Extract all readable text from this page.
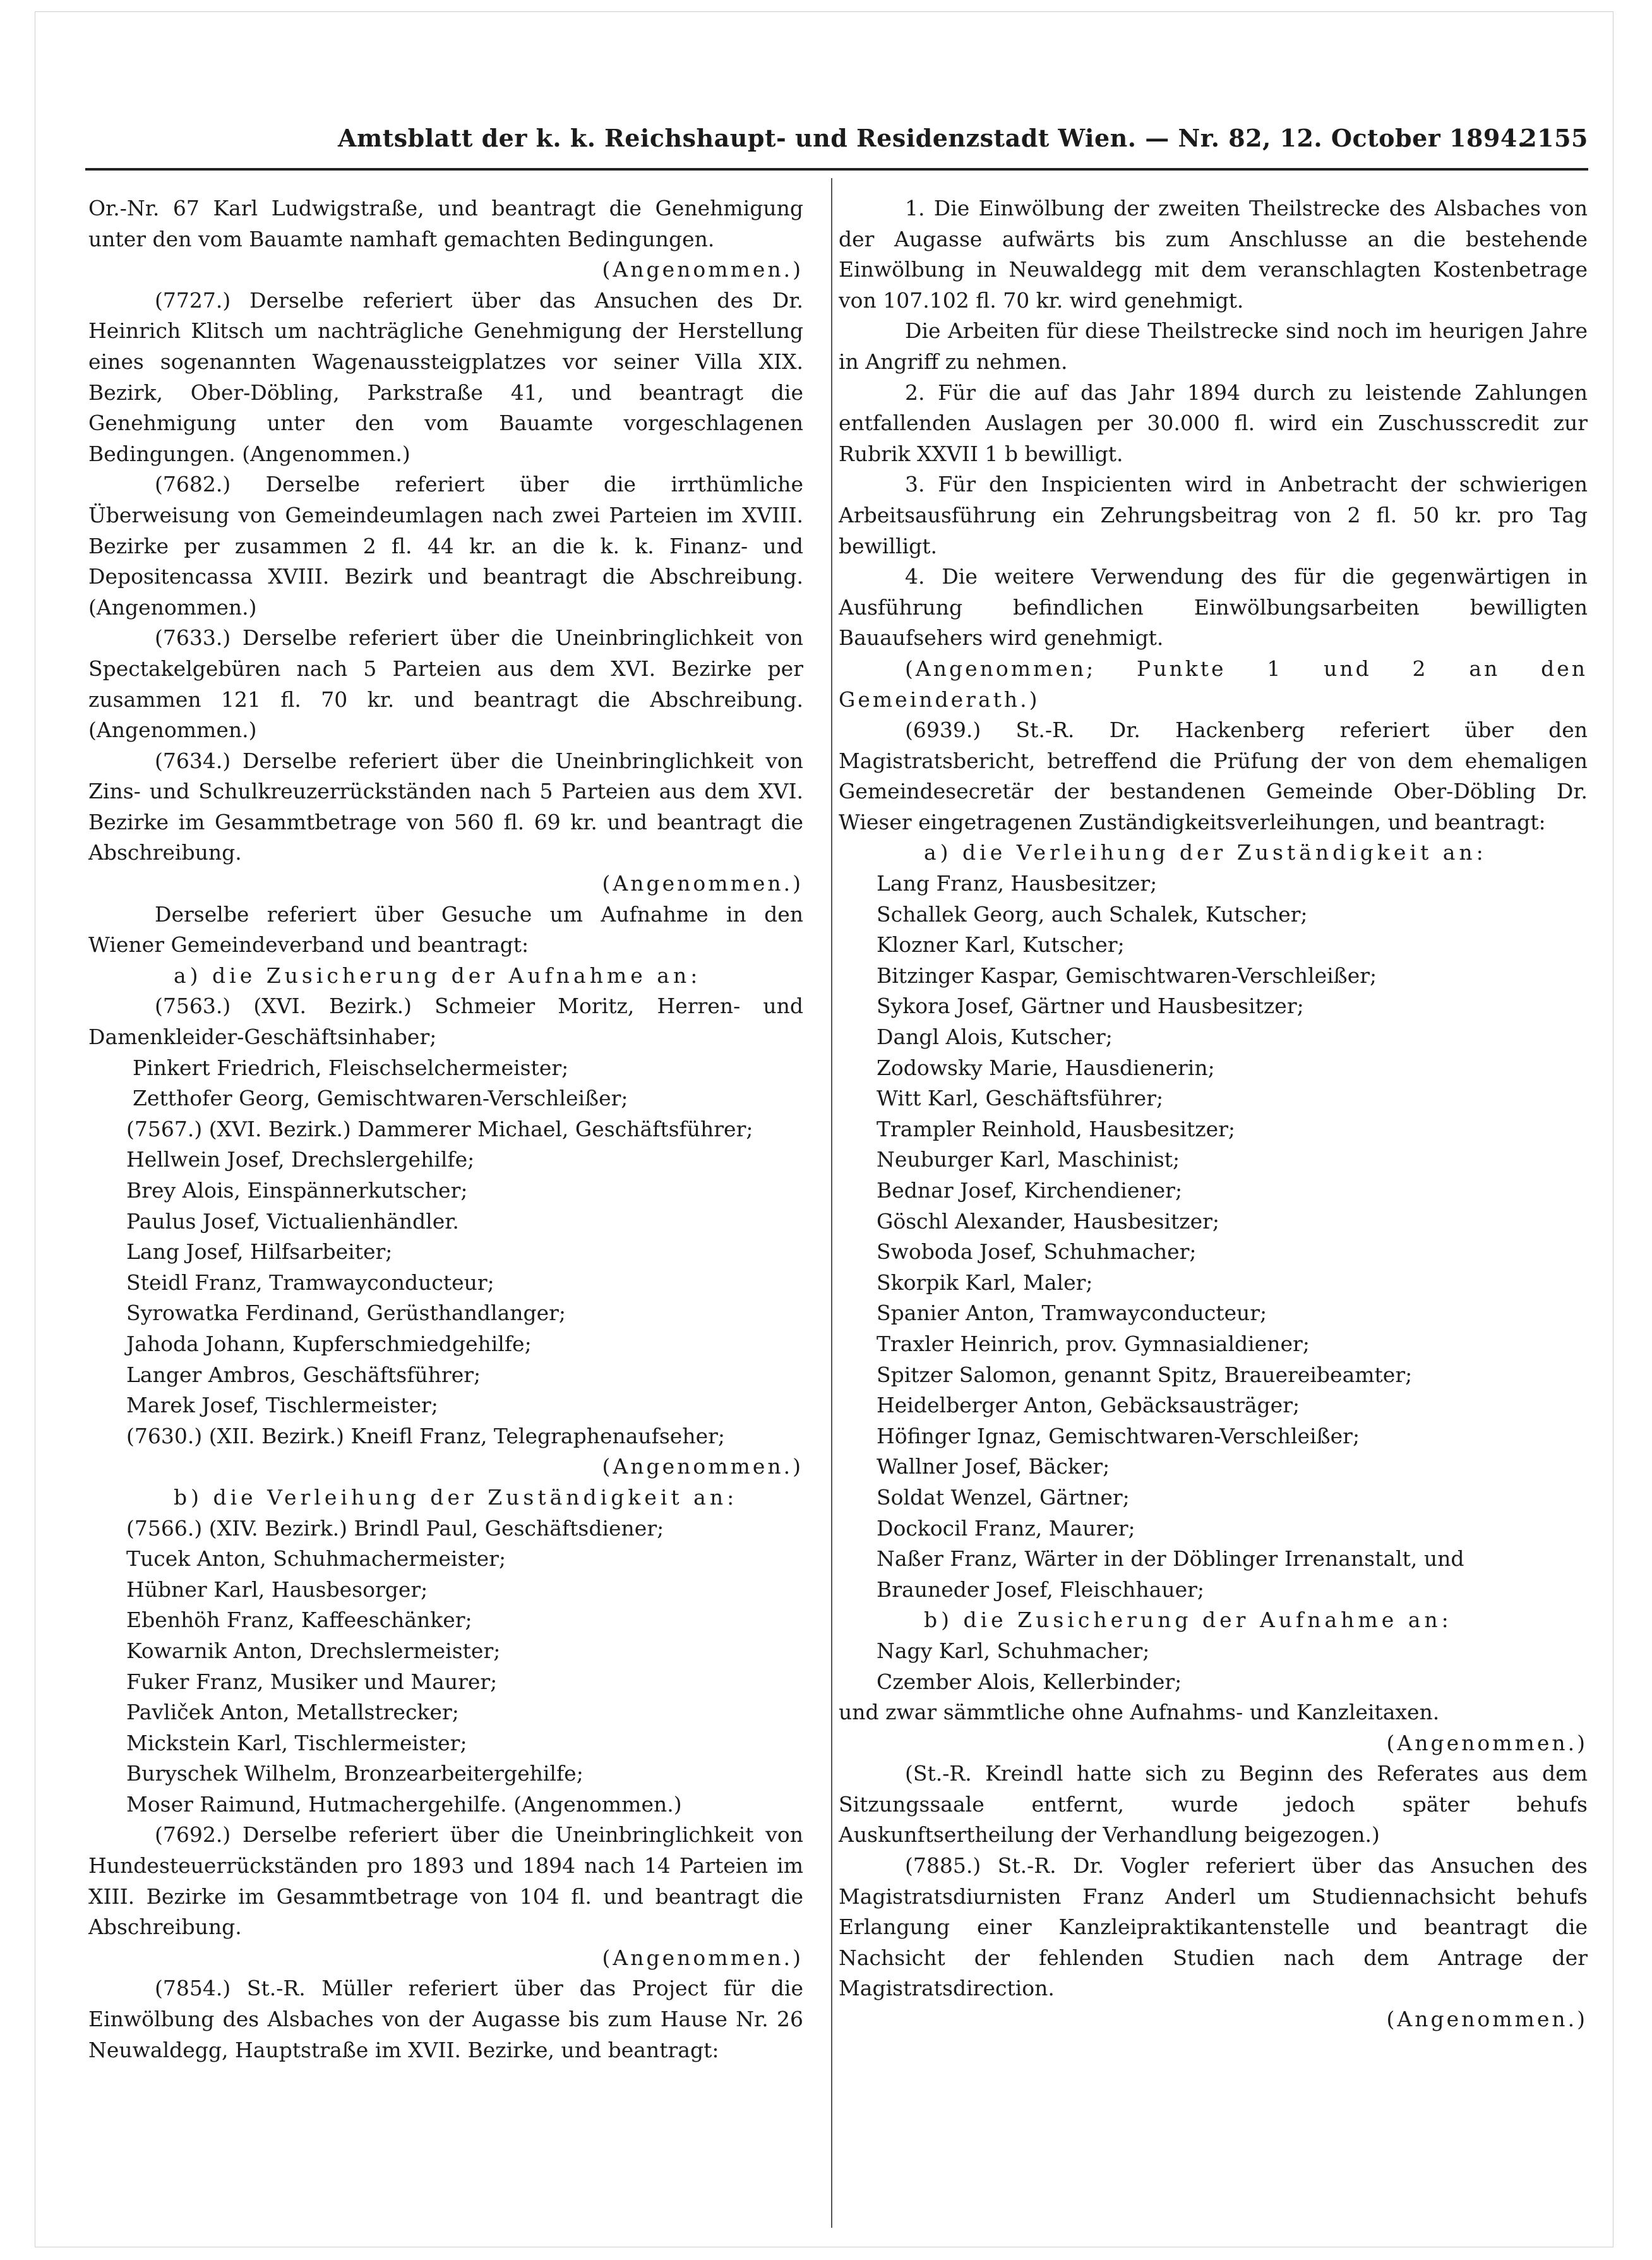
Amtsblatt der k. k. Reichshaupt- und Residenzstadt Wien. — Nr. 82, 12. October 1894.
2155

Or.-Nr. 67 Karl Ludwigstraße, und beantragt die Genehmigung unter den vom Bauamte namhaft gemachten Bedingungen.

(Angenommen.)

(7727.) Derselbe referiert über das Ansuchen des Dr. Heinrich Klitsch um nachträgliche Genehmigung der Herstellung eines sogenannten Wagenaussteigplatzes vor seiner Villa XIX. Bezirk, Ober-Döbling, Parkstraße 41, und beantragt die Genehmigung unter den vom Bauamte vorgeschlagenen Bedingungen. (Angenommen.)

(7682.) Derselbe referiert über die irrthümliche Überweisung von Gemeindeumlagen nach zwei Parteien im XVIII. Bezirke per zusammen 2 fl. 44 kr. an die k. k. Finanz- und Depositencassa XVIII. Bezirk und beantragt die Abschreibung. (Angenommen.)

(7633.) Derselbe referiert über die Uneinbringlichkeit von Spectakelgebüren nach 5 Parteien aus dem XVI. Bezirke per zusammen 121 fl. 70 kr. und beantragt die Abschreibung. (Angenommen.)

(7634.) Derselbe referiert über die Uneinbringlichkeit von Zins- und Schulkreuzerrückständen nach 5 Parteien aus dem XVI. Bezirke im Gesammtbetrage von 560 fl. 69 kr. und beantragt die Abschreibung.

(Angenommen.)

Derselbe referiert über Gesuche um Aufnahme in den Wiener Gemeindeverband und beantragt:

a) die Zusicherung der Aufnahme an:

(7563.) (XVI. Bezirk.) Schmeier Moritz, Herren- und Damenkleider-Geschäftsinhaber;

Pinkert Friedrich, Fleischselchermeister;

Zetthofer Georg, Gemischtwaren-Verschleißer;

(7567.) (XVI. Bezirk.) Dammerer Michael, Geschäftsführer;

Hellwein Josef, Drechslergehilfe;

Brey Alois, Einspännerkutscher;

Paulus Josef, Victualienhändler.

Lang Josef, Hilfsarbeiter;

Steidl Franz, Tramwayconducteur;

Syrowatka Ferdinand, Gerüsthandlanger;

Jahoda Johann, Kupferschmiedgehilfe;

Langer Ambros, Geschäftsführer;

Marek Josef, Tischlermeister;

(7630.) (XII. Bezirk.) Kneifl Franz, Telegraphenaufseher;

(Angenommen.)

b) die Verleihung der Zuständigkeit an:

(7566.) (XIV. Bezirk.) Brindl Paul, Geschäftsdiener;

Tucek Anton, Schuhmachermeister;

Hübner Karl, Hausbesorger;

Ebenhöh Franz, Kaffeeschänker;

Kowarnik Anton, Drechslermeister;

Fuker Franz, Musiker und Maurer;

Pavliček Anton, Metallstrecker;

Mickstein Karl, Tischlermeister;

Buryschek Wilhelm, Bronzearbeitergehilfe;

Moser Raimund, Hutmachergehilfe. (Angenommen.)

(7692.) Derselbe referiert über die Uneinbringlichkeit von Hundesteuerrückständen pro 1893 und 1894 nach 14 Parteien im XIII. Bezirke im Gesammtbetrage von 104 fl. und beantragt die Abschreibung.

(Angenommen.)

(7854.) St.-R. Müller referiert über das Project für die Einwölbung des Alsbaches von der Augasse bis zum Hause Nr. 26 Neuwaldegg, Hauptstraße im XVII. Bezirke, und beantragt:

1. Die Einwölbung der zweiten Theilstrecke des Alsbaches von der Augasse aufwärts bis zum Anschlusse an die bestehende Einwölbung in Neuwaldegg mit dem veranschlagten Kostenbetrage von 107.102 fl. 70 kr. wird genehmigt.

Die Arbeiten für diese Theilstrecke sind noch im heurigen Jahre in Angriff zu nehmen.

2. Für die auf das Jahr 1894 durch zu leistende Zahlungen entfallenden Auslagen per 30.000 fl. wird ein Zuschusscredit zur Rubrik XXVII 1 b bewilligt.

3. Für den Inspicienten wird in Anbetracht der schwierigen Arbeitsausführung ein Zehrungsbeitrag von 2 fl. 50 kr. pro Tag bewilligt.

4. Die weitere Verwendung des für die gegenwärtigen in Ausführung befindlichen Einwölbungsarbeiten bewilligten Bauaufsehers wird genehmigt.

(Angenommen; Punkte 1 und 2 an den Gemeinderath.)

(6939.) St.-R. Dr. Hackenberg referiert über den Magistratsbericht, betreffend die Prüfung der von dem ehemaligen Gemeindesecretär der bestandenen Gemeinde Ober-Döbling Dr. Wieser eingetragenen Zuständigkeitsverleihungen, und beantragt:

a) die Verleihung der Zuständigkeit an:

Lang Franz, Hausbesitzer;

Schallek Georg, auch Schalek, Kutscher;

Klozner Karl, Kutscher;

Bitzinger Kaspar, Gemischtwaren-Verschleißer;

Sykora Josef, Gärtner und Hausbesitzer;

Dangl Alois, Kutscher;

Zodowsky Marie, Hausdienerin;

Witt Karl, Geschäftsführer;

Trampler Reinhold, Hausbesitzer;

Neuburger Karl, Maschinist;

Bednar Josef, Kirchendiener;

Göschl Alexander, Hausbesitzer;

Swoboda Josef, Schuhmacher;

Skorpik Karl, Maler;

Spanier Anton, Tramwayconducteur;

Traxler Heinrich, prov. Gymnasialdiener;

Spitzer Salomon, genannt Spitz, Brauereibeamter;

Heidelberger Anton, Gebäcksausträger;

Höfinger Ignaz, Gemischtwaren-Verschleißer;

Wallner Josef, Bäcker;

Soldat Wenzel, Gärtner;

Dockocil Franz, Maurer;

Naßer Franz, Wärter in der Döblinger Irrenanstalt, und

Brauneder Josef, Fleischhauer;

b) die Zusicherung der Aufnahme an:

Nagy Karl, Schuhmacher;

Czember Alois, Kellerbinder;

und zwar sämmtliche ohne Aufnahms- und Kanzleitaxen.

(Angenommen.)

(St.-R. Kreindl hatte sich zu Beginn des Referates aus dem Sitzungssaale entfernt, wurde jedoch später behufs Auskunftsertheilung der Verhandlung beigezogen.)

(7885.) St.-R. Dr. Vogler referiert über das Ansuchen des Magistratsdiurnisten Franz Anderl um Studiennachsicht behufs Erlangung einer Kanzleipraktikantenstelle und beantragt die Nachsicht der fehlenden Studien nach dem Antrage der Magistratsdirection.

(Angenommen.)
